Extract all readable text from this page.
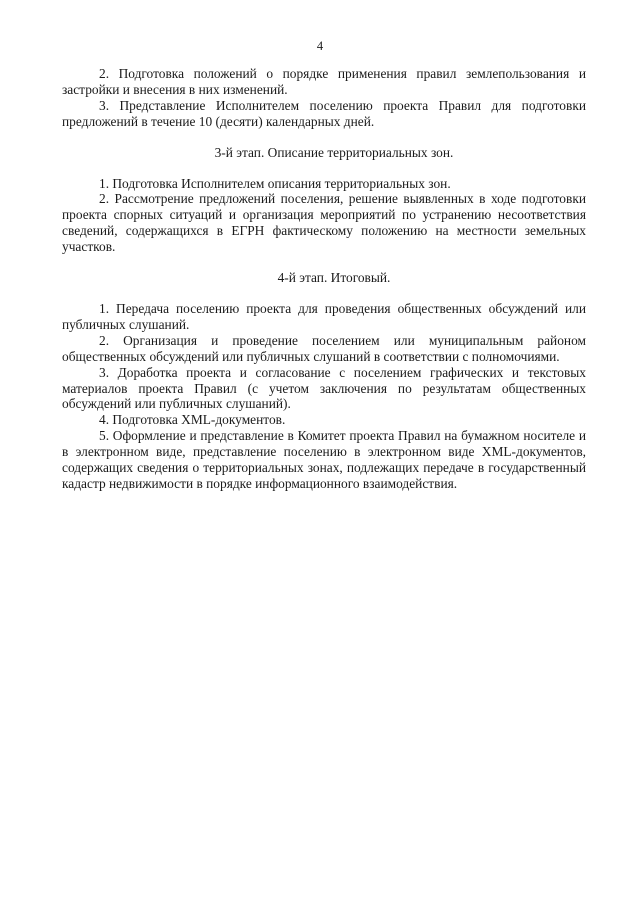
4

2. Подготовка положений о порядке применения правил землепользования и застройки и внесения в них изменений.

3. Представление Исполнителем поселению проекта Правил для подготовки предложений в течение 10 (десяти) календарных дней.

3-й этап. Описание территориальных зон.

1. Подготовка Исполнителем описания территориальных зон.

2. Рассмотрение предложений поселения, решение выявленных в ходе подготовки проекта спорных ситуаций и организация мероприятий по устранению несоответствия сведений, содержащихся в ЕГРН фактическому положению на местности земельных участков.

4-й этап. Итоговый.

1. Передача поселению проекта для проведения общественных обсуждений или публичных слушаний.

2. Организация и проведение поселением или муниципальным районом общественных обсуждений или публичных слушаний в соответствии с полномочиями.

3. Доработка проекта и согласование с поселением графических и текстовых материалов проекта Правил (с учетом заключения по результатам общественных обсуждений или публичных слушаний).

4. Подготовка XML-документов.

5. Оформление и представление в Комитет проекта Правил на бумажном носителе и в электронном виде, представление поселению в электронном виде XML-документов, содержащих сведения о территориальных зонах, подлежащих передаче в государственный кадастр недвижимости в порядке информационного взаимодействия.
